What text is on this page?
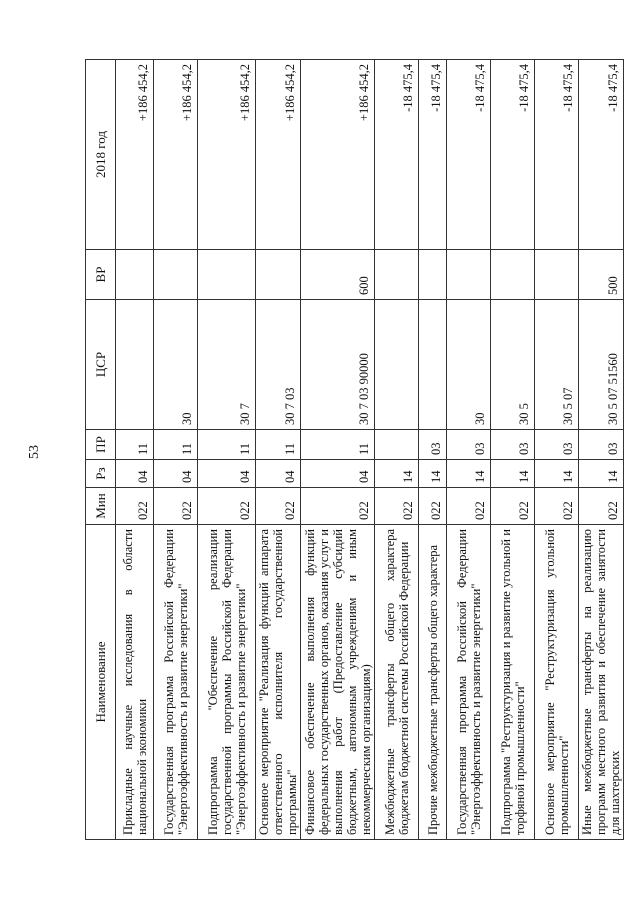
53
Наименование	Мин	Рз	ПР	ЦСР	ВР	2018 год
Прикладные научные исследования в области национальной экономики	022	04	11			+186 454,2
Государственная программа Российской Федерации "Энергоэффективность и развитие энергетики"	022	04	11	30		+186 454,2
Подпрограмма "Обеспечение реализации государственной программы Российской Федерации "Энергоэффективность и развитие энергетики"	022	04	11	30 7		+186 454,2
Основное мероприятие "Реализация функций аппарата ответственного исполнителя государственной программы"	022	04	11	30 7 03		+186 454,2
Финансовое обеспечение выполнения функций федеральных государственных органов, оказания услуг и выполнения работ (Предоставление субсидий бюджетным, автономным учреждениям и иным некоммерческим организациям)	022	04	11	30 7 03 90000	600	+186 454,2
Межбюджетные трансферты общего характера бюджетам бюджетной системы Российской Федерации	022	14				-18 475,4
Прочие межбюджетные трансферты общего характера	022	14	03			-18 475,4
Государственная программа Российской Федерации "Энергоэффективность и развитие энергетики"	022	14	03	30		-18 475,4
Подпрограмма "Реструктуризация и развитие угольной и торфяной промышленности"	022	14	03	30 5		-18 475,4
Основное мероприятие "Реструктуризация угольной промышленности"	022	14	03	30 5 07		-18 475,4
Иные межбюджетные трансферты на реализацию программ местного развития и обеспечение занятости для шахтерских	022	14	03	30 5 07 51560	500	-18 475,4
